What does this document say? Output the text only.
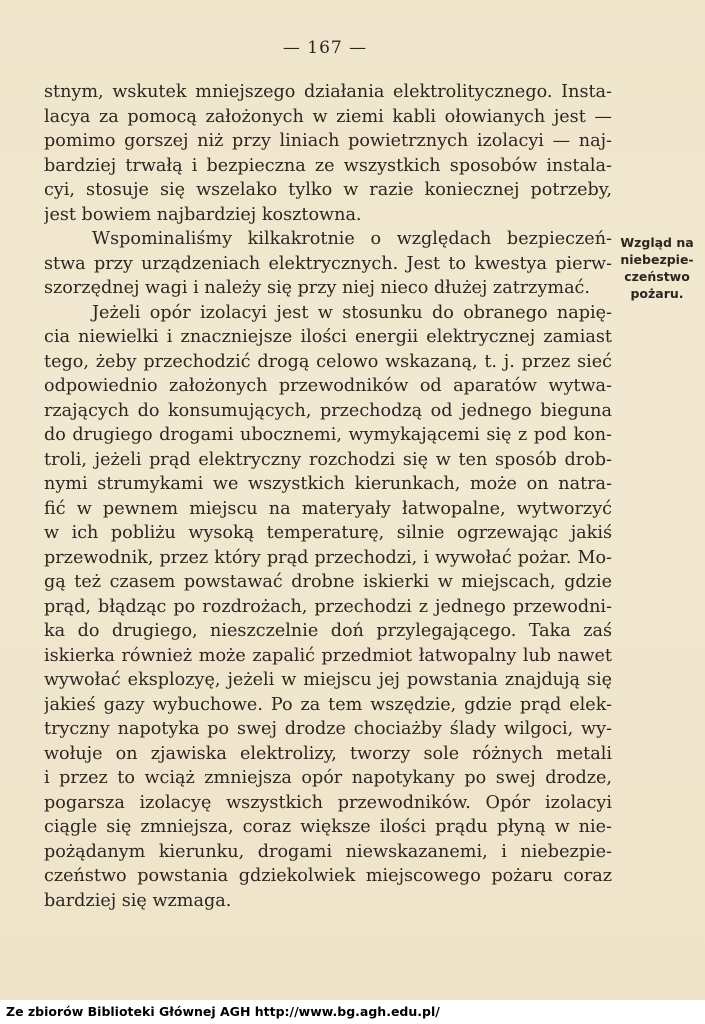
— 167 —
stnym, wskutek mniejszego działania elektrolitycznego. Insta-
lacya za pomocą założonych w ziemi kabli ołowianych jest —
pomimo gorszej niż przy liniach powietrznych izolacyi — naj-
bardziej trwałą i bezpieczna ze wszystkich sposobów instala-
cyi, stosuje się wszelako tylko w razie koniecznej potrzeby,
jest bowiem najbardziej kosztowna.
Wspominaliśmy kilkakrotnie o względach bezpieczeń-
stwa przy urządzeniach elektrycznych. Jest to kwestya pierw-
szorzędnej wagi i należy się przy niej nieco dłużej zatrzymać.
Jeżeli opór izolacyi jest w stosunku do obranego napię-
cia niewielki i znaczniejsze ilości energii elektrycznej zamiast
tego, żeby przechodzić drogą celowo wskazaną, t. j. przez sieć
odpowiednio założonych przewodników od aparatów wytwa-
rzających do konsumujących, przechodzą od jednego bieguna
do drugiego drogami ubocznemi, wymykającemi się z pod kon-
troli, jeżeli prąd elektryczny rozchodzi się w ten sposób drob-
nymi strumykami we wszystkich kierunkach, może on natra-
fić w pewnem miejscu na materyały łatwopalne, wytworzyć
w ich pobliżu wysoką temperaturę, silnie ogrzewając jakiś
przewodnik, przez który prąd przechodzi, i wywołać pożar. Mo-
gą też czasem powstawać drobne iskierki w miejscach, gdzie
prąd, błądząc po rozdrożach, przechodzi z jednego przewodni-
ka do drugiego, nieszczelnie doń przylegającego. Taka zaś
iskierka również może zapalić przedmiot łatwopalny lub nawet
wywołać eksplozyę, jeżeli w miejscu jej powstania znajdują się
jakieś gazy wybuchowe. Po za tem wszędzie, gdzie prąd elek-
tryczny napotyka po swej drodze chociażby ślady wilgoci, wy-
wołuje on zjawiska elektrolizy, tworzy sole różnych metali
i przez to wciąż zmniejsza opór napotykany po swej drodze,
pogarsza izolacyę wszystkich przewodników. Opór izolacyi
ciągle się zmniejsza, coraz większe ilości prądu płyną w nie-
pożądanym kierunku, drogami niewskazanemi, i niebezpie-
czeństwo powstania gdziekolwiek miejscowego pożaru coraz
bardziej się wzmaga.
Wzgląd na
niebezpie-
czeństwo
pożaru.
Ze zbiorów Biblioteki Głównej AGH http://www.bg.agh.edu.pl/
